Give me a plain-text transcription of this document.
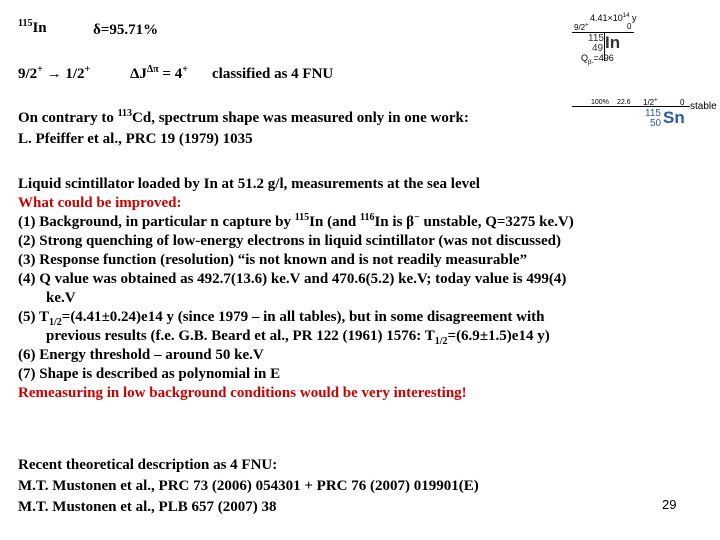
$^{115}$In	δ=95.71%
9/2+ → 1/2+	$\Delta J^{\Delta\pi} = 4^+$ classified as 4 FNU
On contrary to $^{113}$Cd, spectrum shape was measured only in one work:
L. Pfeiffer et al., PRC 19 (1979) 1035
Liquid scintillator loaded by In at 51.2 g/l, measurements at the sea level
What could be improved:
(1) Background, in particular n capture by $^{115}$In (and $^{116}$In is β− unstable, Q=3275 ke.V)
(2) Strong quenching of low-energy electrons in liquid scintillator (was not discussed)
(3) Response function (resolution) “is not known and is not readily measurable”
(4) Q value was obtained as 492.7(13.6) ke.V and 470.6(5.2) ke.V; today value is 499(4)
ke.V
(5) $T_{1/2}=(4.41\pm 0.24)e14$ y (since 1979 – in all tables), but in some disagreement with
previous results (f.e. G.B. Beard et al., PR 122 (1961) 1576: $T_{1/2}=(6.9\pm 1.5)e14$ y)
(6) Energy threshold – around 50 ke.V
(7) Shape is described as polynomial in E
Remeasuring in low background conditions would be very interesting!
Recent theoretical description as 4 FNU:
M.T. Mustonen et al., PRC 73 (2006) 054301 + PRC 76 (2007) 019901(E)
M.T. Mustonen et al., PLB 657 (2007) 38
$4.41\times 10^{14}$ y
9/2+	0
115
49 In
$Q_{\beta-}=496$
100% 22.6 1/2+	0 stable
115
50 Sn
29
